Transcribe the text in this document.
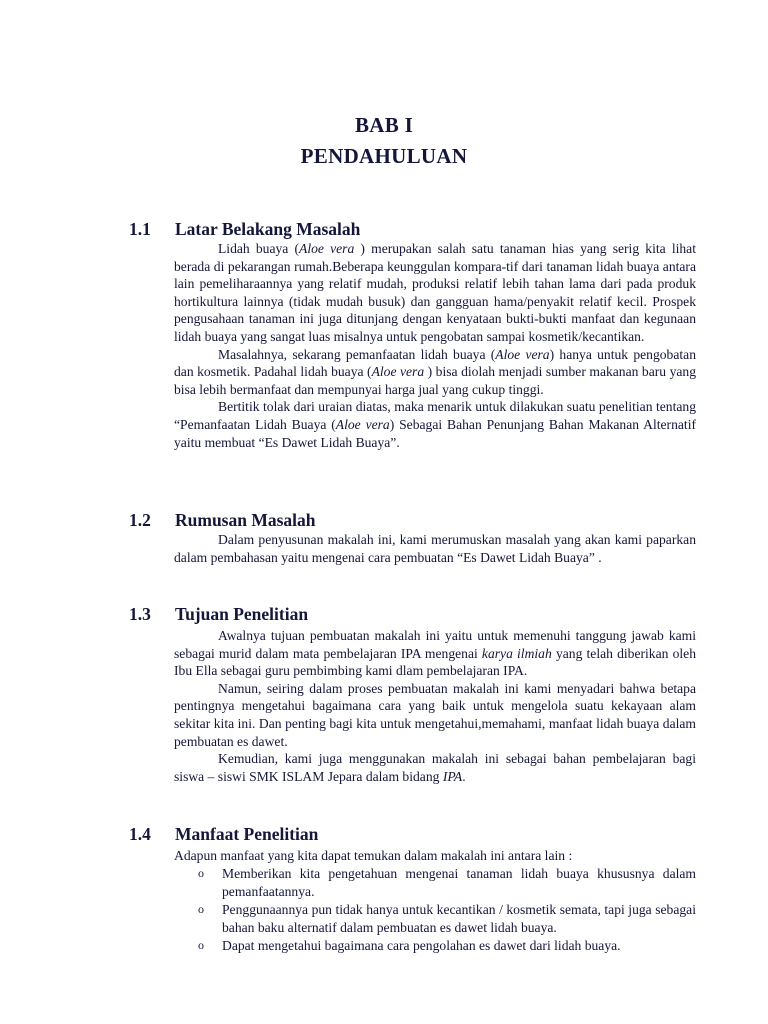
BAB I
PENDAHULUAN
1.1 Latar Belakang Masalah

Lidah buaya (Aloe vera ) merupakan salah satu tanaman hias yang serig kita lihat berada di pekarangan rumah.Beberapa keunggulan kompara-tif dari tanaman lidah buaya antara lain pemeliharaannya yang relatif mudah, produksi relatif lebih tahan lama dari pada produk hortikultura lainnya (tidak mudah busuk) dan gangguan hama/penyakit relatif kecil. Prospek pengusahaan tanaman ini juga ditunjang dengan kenyataan bukti-bukti manfaat dan kegunaan lidah buaya yang sangat luas misalnya untuk pengobatan sampai kosmetik/kecantikan.

Masalahnya, sekarang pemanfaatan lidah buaya (Aloe vera) hanya untuk pengobatan dan kosmetik. Padahal lidah buaya (Aloe vera ) bisa diolah menjadi sumber makanan baru yang bisa lebih bermanfaat dan mempunyai harga jual yang cukup tinggi.

Bertitik tolak dari uraian diatas, maka menarik untuk dilakukan suatu penelitian tentang “Pemanfaatan Lidah Buaya (Aloe vera) Sebagai Bahan Penunjang Bahan Makanan Alternatif yaitu membuat “Es Dawet Lidah Buaya”.

1.2 Rumusan Masalah

Dalam penyusunan makalah ini, kami merumuskan masalah yang akan kami paparkan dalam pembahasan yaitu mengenai cara pembuatan “Es Dawet Lidah Buaya” .

1.3 Tujuan Penelitian

Awalnya tujuan pembuatan makalah ini yaitu untuk memenuhi tanggung jawab kami sebagai murid dalam mata pembelajaran IPA mengenai karya ilmiah yang telah diberikan oleh Ibu Ella sebagai guru pembimbing kami dlam pembelajaran IPA.

Namun, seiring dalam proses pembuatan makalah ini kami menyadari bahwa betapa pentingnya mengetahui bagaimana cara yang baik untuk mengelola suatu kekayaan alam sekitar kita ini. Dan penting bagi kita untuk mengetahui,memahami, manfaat lidah buaya dalam pembuatan es dawet.

Kemudian, kami juga menggunakan makalah ini sebagai bahan pembelajaran bagi siswa – siswi SMK ISLAM Jepara dalam bidang IPA.

1.4 Manfaat Penelitian

Adapun manfaat yang kita dapat temukan dalam makalah ini antara lain :

o Memberikan kita pengetahuan mengenai tanaman lidah buaya khususnya dalam pemanfaatannya.
o Penggunaannya pun tidak hanya untuk kecantikan / kosmetik semata, tapi juga sebagai bahan baku alternatif dalam pembuatan es dawet lidah buaya.
o Dapat mengetahui bagaimana cara pengolahan es dawet dari lidah buaya.
